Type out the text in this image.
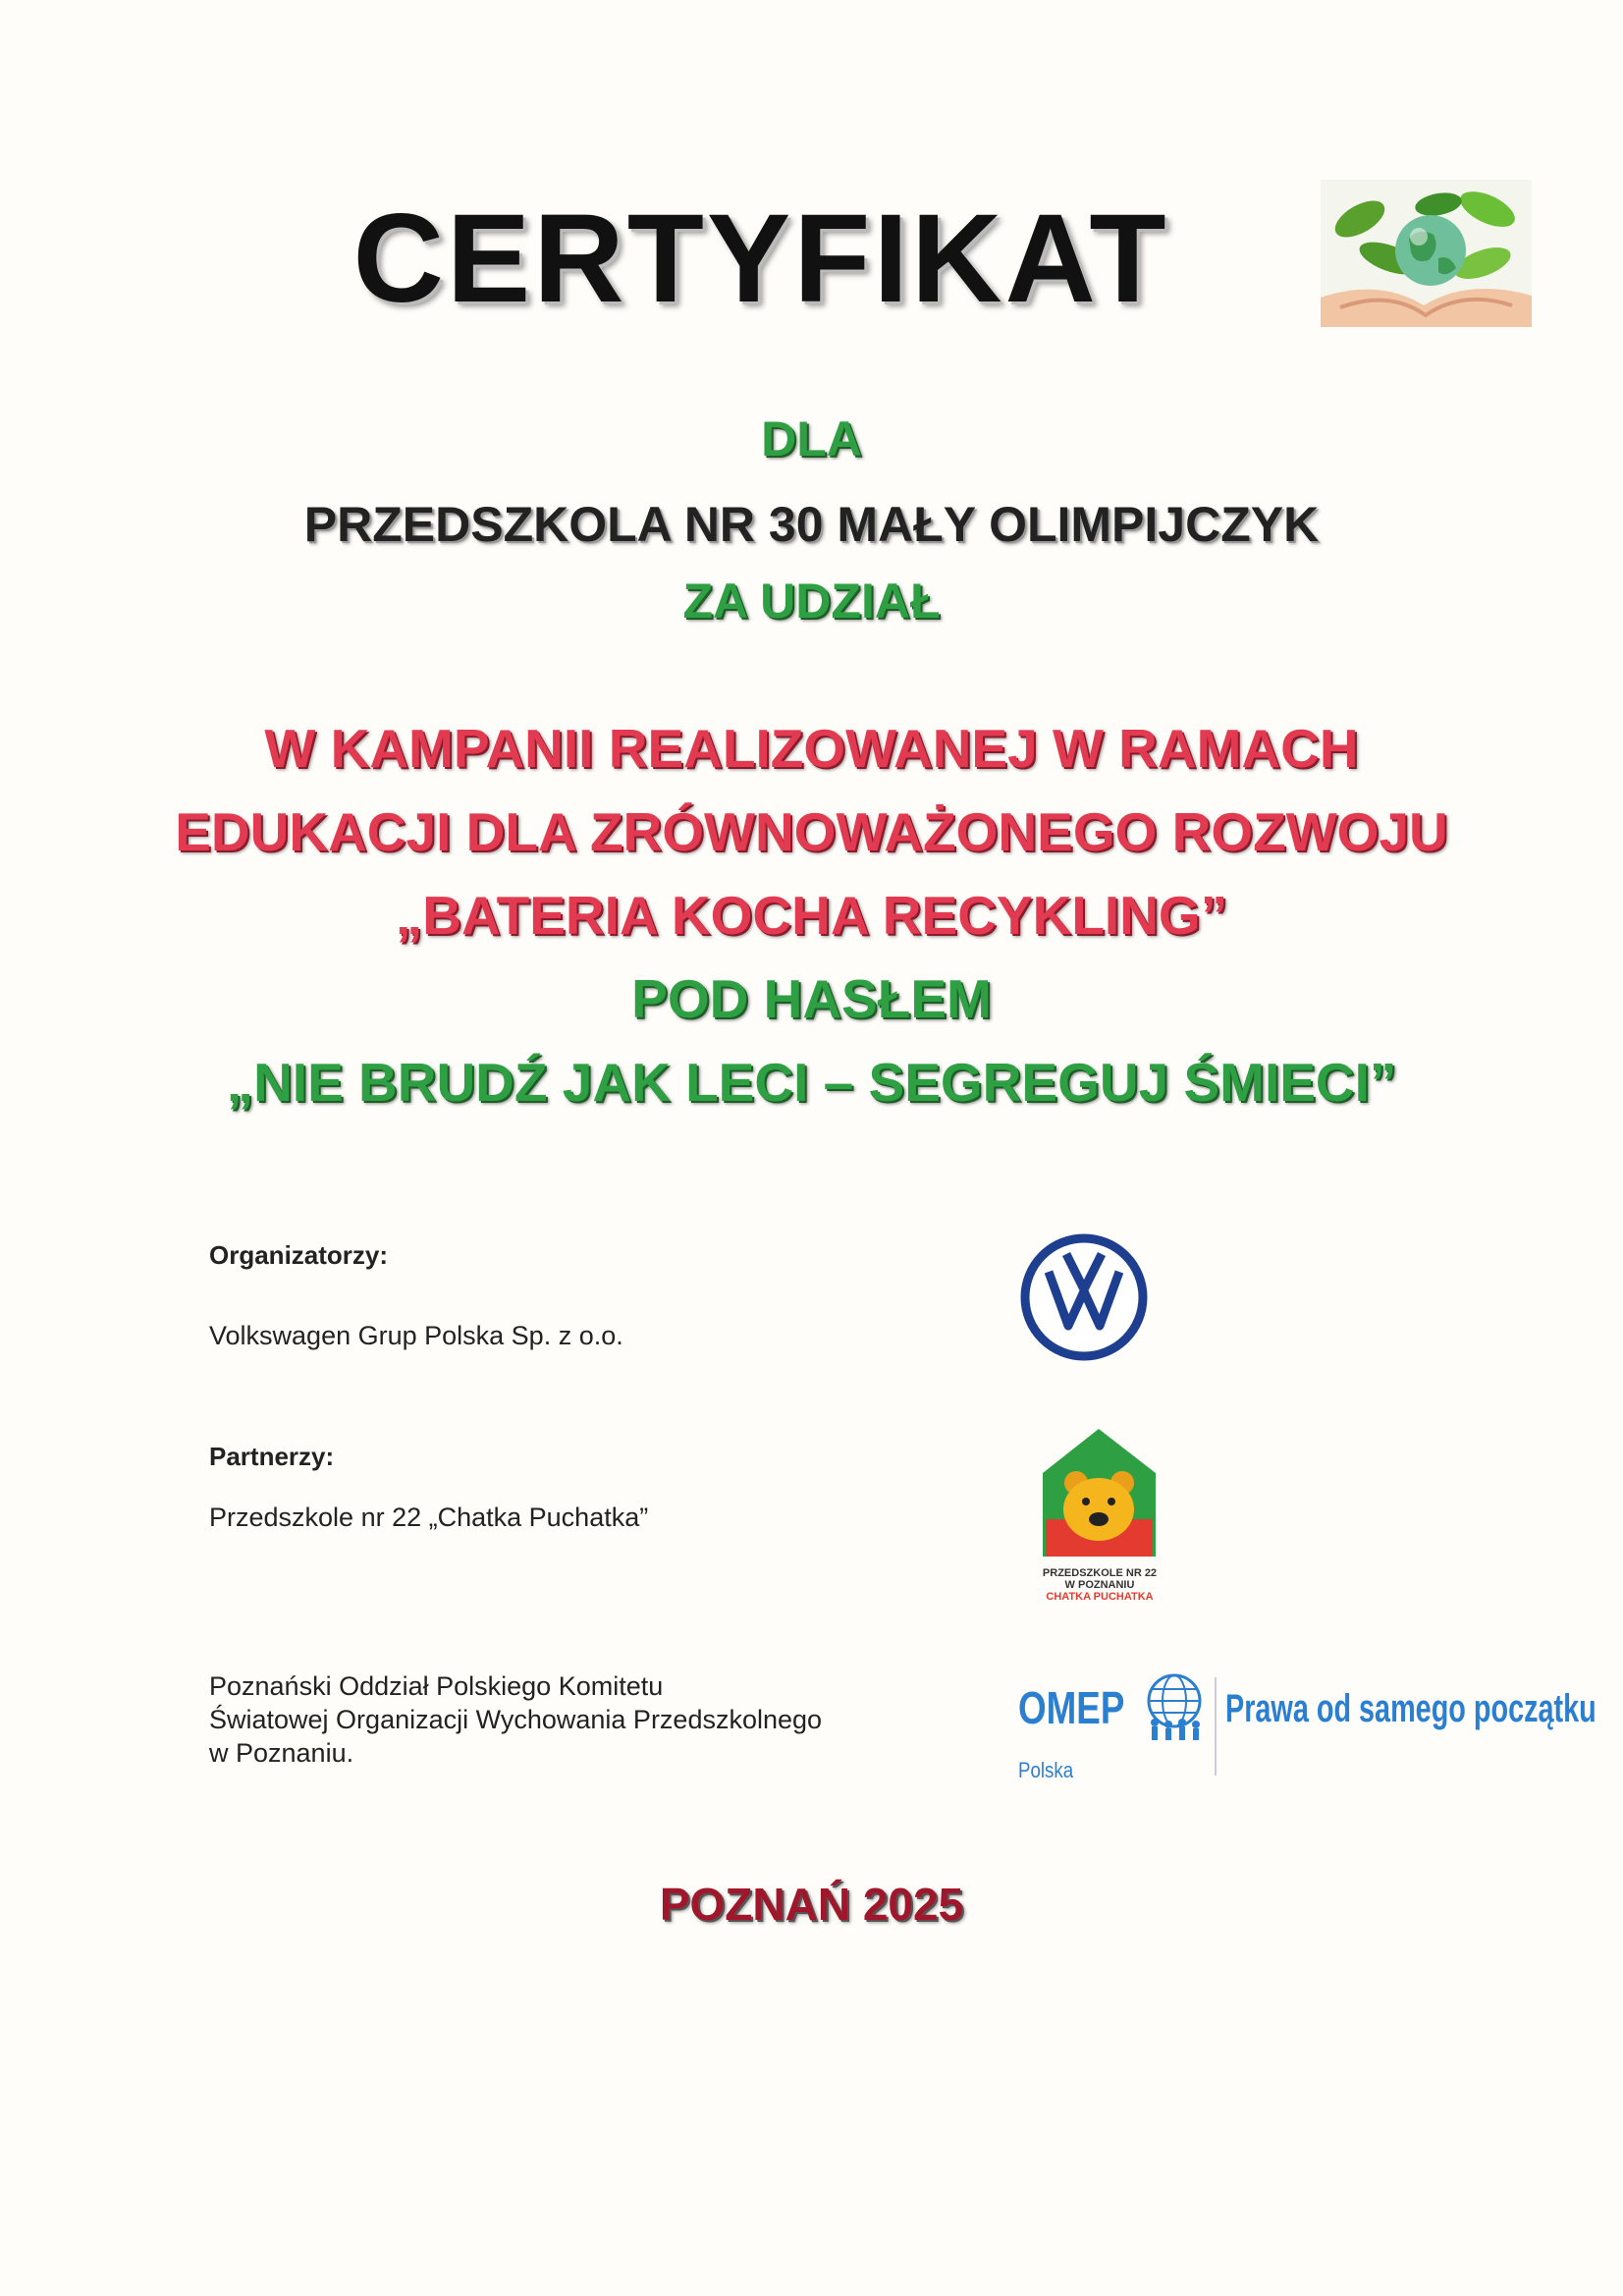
CERTYFIKAT
DLA
PRZEDSZKOLA NR 30 MAŁY OLIMPIJCZYK
ZA UDZIAŁ
W KAMPANII REALIZOWANEJ W RAMACH
EDUKACJI DLA ZRÓWNOWAŻONEGO ROZWOJU
„BATERIA KOCHA RECYKLING”
POD HASŁEM
„NIE BRUDŹ JAK LECI – SEGREGUJ ŚMIECI”
Organizatorzy:
Volkswagen Grup Polska Sp. z o.o.
Partnerzy:
Przedszkole nr 22 „Chatka Puchatka”
PRZEDSZKOLE NR 22
W POZNANIU
CHATKA PUCHATKA
Poznański Oddział Polskiego Komitetu
Światowej Organizacji Wychowania Przedszkolnego
w Poznaniu.
OMEP
Polska
Prawa od samego początku
POZNAŃ 2025
